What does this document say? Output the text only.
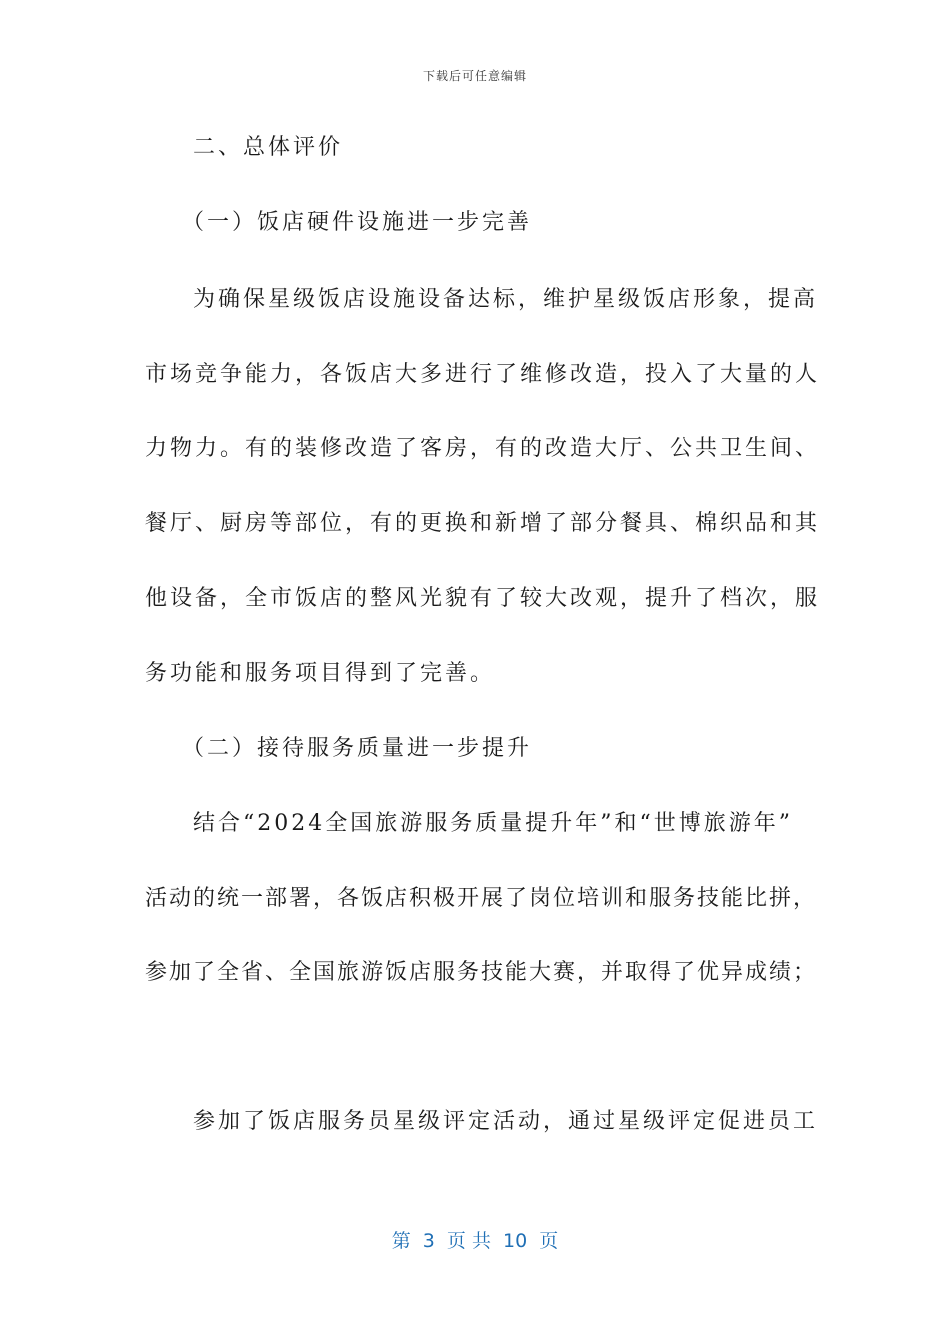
下载后可任意编辑
二、总体评价
（一）饭店硬件设施进一步完善
为确保星级饭店设施设备达标，维护星级饭店形象，提高
市场竞争能力，各饭店大多进行了维修改造，投入了大量的人
力物力。有的装修改造了客房，有的改造大厅、公共卫生间、
餐厅、厨房等部位，有的更换和新增了部分餐具、棉织品和其
他设备，全市饭店的整风光貌有了较大改观，提升了档次，服
务功能和服务项目得到了完善。
（二）接待服务质量进一步提升
结合“2024全国旅游服务质量提升年”和“世博旅游年”
活动的统一部署，各饭店积极开展了岗位培训和服务技能比拼，
参加了全省、全国旅游饭店服务技能大赛，并取得了优异成绩；
参加了饭店服务员星级评定活动，通过星级评定促进员工
第  3  页 共  10  页
